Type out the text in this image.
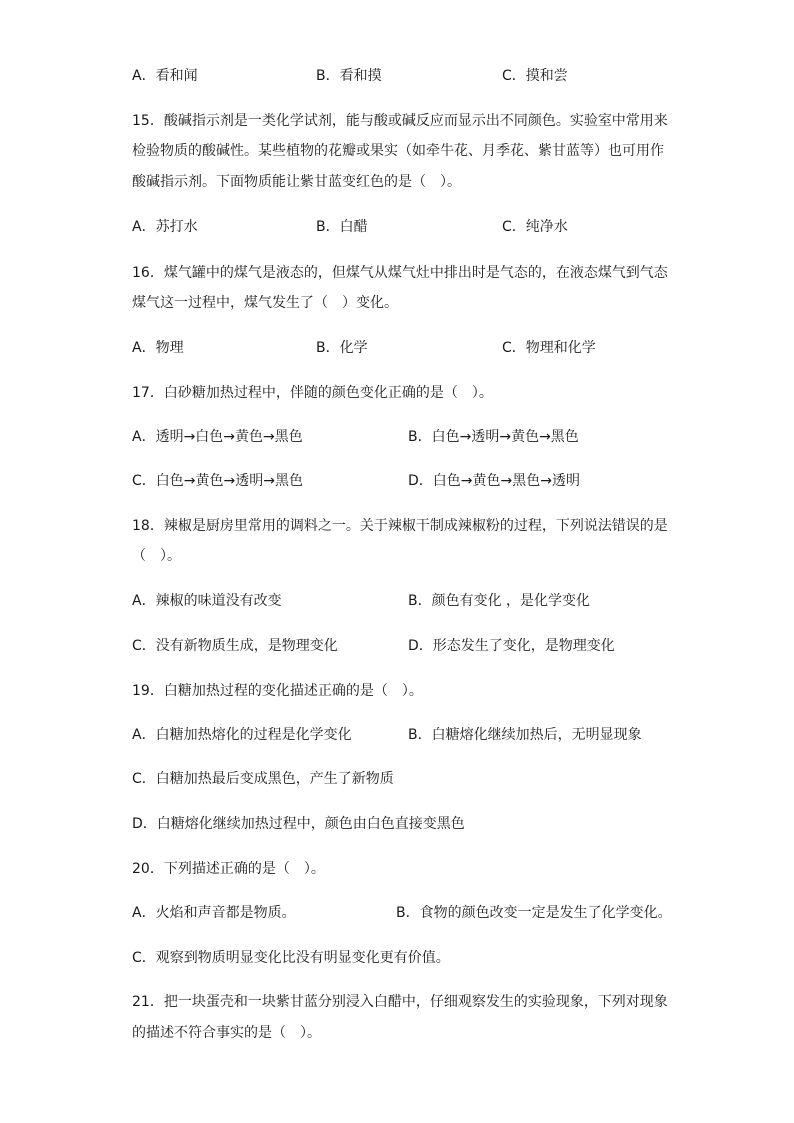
A．看和闻	B．看和摸	C．摸和尝
15．酸碱指示剂是一类化学试剂，能与酸或碱反应而显示出不同颜色。实验室中常用来
检验物质的酸碱性。某些植物的花瓣或果实（如牵牛花、月季花、紫甘蓝等）也可用作
酸碱指示剂。下面物质能让紫甘蓝变红色的是（　）。
A．苏打水	B．白醋	C．纯净水
16．煤气罐中的煤气是液态的，但煤气从煤气灶中排出时是气态的，在液态煤气到气态
煤气这一过程中，煤气发生了（　）变化。
A．物理	B．化学	C．物理和化学
17．白砂糖加热过程中，伴随的颜色变化正确的是（　）。
A．透明→白色→黄色→黑色	B．白色→透明→黄色→黑色
C．白色→黄色→透明→黑色	D．白色→黄色→黑色→透明
18．辣椒是厨房里常用的调料之一。关于辣椒干制成辣椒粉的过程，下列说法错误的是
（　）。
A．辣椒的味道没有改变	B．颜色有变化 ，是化学变化
C．没有新物质生成，是物理变化	D．形态发生了变化，是物理变化
19．白糖加热过程的变化描述正确的是（　）。
A．白糖加热熔化的过程是化学变化	B．白糖熔化继续加热后，无明显现象
C．白糖加热最后变成黑色，产生了新物质
D．白糖熔化继续加热过程中，颜色由白色直接变黑色
20．下列描述正确的是（　）。
A．火焰和声音都是物质。	B．食物的颜色改变一定是发生了化学变化。
C．观察到物质明显变化比没有明显变化更有价值。
21．把一块蛋壳和一块紫甘蓝分别浸入白醋中，仔细观察发生的实验现象，下列对现象
的描述不符合事实的是（　）。
